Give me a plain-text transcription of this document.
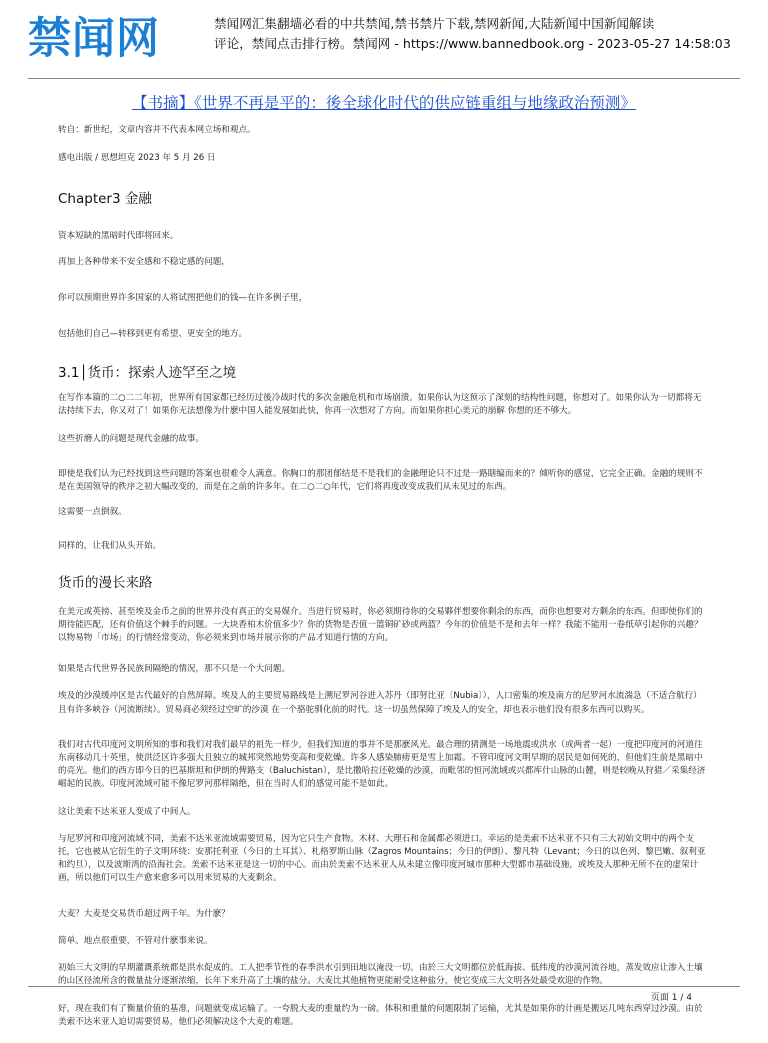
禁闻网	禁闻网汇集翻墙必看的中共禁闻,禁书禁片下载,禁网新闻,大陆新闻中国新闻解读
评论，禁闻点击排行榜。禁闻网 - https://www.bannedbook.org - 2023-05-27 14:58:03
【书摘】《世界不再是平的：後全球化时代的供应链重组与地缘政治预测》
转自：新世纪，文章内容并不代表本网立场和观点。
感电出版 / 思想坦克 2023 年 5 月 26 日
Chapter3 金融
资本短缺的黑暗时代即将回来。
再加上各种带来不安全感和不稳定感的问题，
你可以预期世界许多国家的人将试图把他们的钱—在许多例子里，
包括他们自己—转移到更有希望、更安全的地方。
3.1│货币：探索人迹罕至之境
在写作本篇的二○二二年初，世界所有国家都已经历过後冷战时代的多次金融危机和市场崩溃。如果你认为这预示了深刻的结构性问题，你想对了。如果你认为一切都将无法持续下去，你又对了！如果你无法想像为什麽中国人能发展如此快，你再一次想对了方向。而如果你担心美元的崩解 你想的还不够大。
这些折磨人的问题是现代金融的故事。
即使是我们认为已经找到这些问题的答案也很难令人满意。你胸口的那团郁结是不是我们的金融理论只不过是一路瞎编而来的？倾听你的感觉，它完全正确。金融的规则不是在美国领导的秩序之初大幅改变的，而是在之前的许多年。在二○二○年代，它们将再度改变成我们从未见过的东西。
这需要一点倒叙。
同样的，让我们从头开始。
货币的漫长来路
在美元或英镑、甚至埃及金币之前的世界并没有真正的交易媒介。当进行贸易时，你必须期待你的交易夥伴想要你剩余的东西，而你也想要对方剩余的东西。但即使你们的期待能匹配，还有价值这个棘手的问题。一大块香柏木价值多少？你的货物是否值一篮铜矿砂或两篮？今年的价值是不是和去年一样？我能不能用一卷纸草引起你的兴趣？以物易物「市场」的行情经常变动，你必须来到市场并展示你的产品才知道行情的方向。
如果是古代世界各民族间隔绝的情况，那不只是一个大问题。
埃及的沙漠缓冲区是古代最好的自然屏障。埃及人的主要贸易路线是上溯尼罗河谷进入苏丹（即努比亚〔Nubia〕），人口密集的埃及南方的尼罗河水流湍急（不适合航行）且有许多峡谷（河流断续）。贸易商必须经过空旷的沙漠 在一个骆驼驯化前的时代。这一切虽然保障了埃及人的安全，却也表示他们没有很多东西可以购买。
我们对古代印度河文明所知的事和我们对我们最早的祖先一样少，但我们知道的事并不是那麽风光。最合理的猜测是一场地震或洪水（或两者一起）一度把印度河的河道往东南移动几十英里，使洪泛区许多强大且独立的城邦突然地势变高和变乾燥。许多人感染肺痨更是雪上加霜。不管印度河文明早期的居民是如何死的，但他们生前是黑暗中的亮光。他们的西方即今日的巴基斯坦和伊朗的俾路支（Baluchistan），是比撒哈拉还乾燥的沙漠，而毗邻的恒河流域或兴都库什山脉的山麓，则是较晚从狩猎／采集经济崛起的民族。印度河流域可能不像尼罗河那样隔绝，但在当时人们的感觉可能不是如此。
这让美索不达米亚人变成了中间人。
与尼罗河和印度河流域不同，美索不达米亚流域需要贸易，因为它只生产食物。木材、大理石和金属都必须进口。幸运的是美索不达米亚不只有三大初始文明中的两个支托，它也被从它衍生的子文明环绕：安那托利亚（今日的土耳其）、札格罗斯山脉（Zagros Mountains；今日的伊朗）、黎凡特（Levant；今日的以色列、黎巴嫩、叙利亚和约旦），以及波斯湾的沿海社会。美索不达米亚是这一切的中心。而由於美索不达米亚人从未建立像印度河城市那种大型都市基础设施，或埃及人那种无所不在的虚荣计画，所以他们可以生产愈来愈多可以用来贸易的大麦剩余。
大麦？大麦是交易货币超过两千年。为什麽？
简单。地点很重要，不管对什麽事来说。
初始三大文明的早期灌溉系统都是洪水促成的。工人把季节性的春季洪水引到田地以淹没一切。由於三大文明都位於低海拔、低纬度的沙漠河流谷地，蒸发效应让渗入土壤的山区径流所含的微量盐分逐渐浓缩，长年下来升高了土壤的盐分。大麦比其他植物更能耐受这种盐分，使它变成三大文明各处最受欢迎的作物。
好，现在我们有了衡量价值的基准，问题就变成运输了。一夸脱大麦的重量约为一磅。体积和重量的问题限制了运输，尤其是如果你的计画是搬运几吨东西穿过沙漠。由於美索不达米亚人迫切需要贸易，他们必须解决这个大麦的难题。
页面 1 / 4
